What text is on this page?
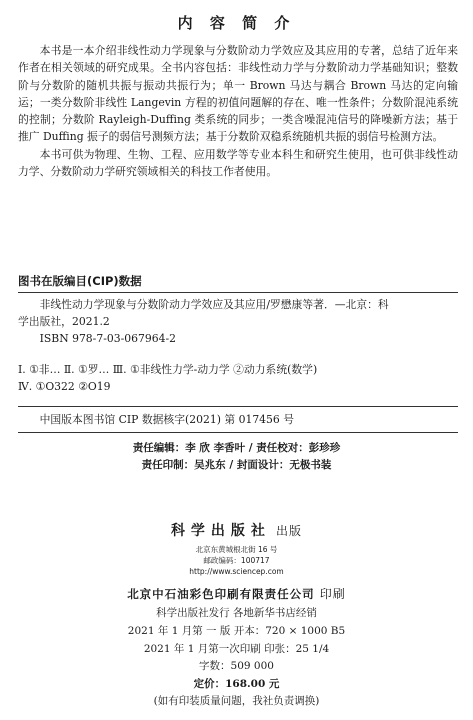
内 容 简 介

本书是一本介绍非线性动力学现象与分数阶动力学效应及其应用的专著，总结了近年来作者在相关领域的研究成果。全书内容包括：非线性动力学与分数阶动力学基础知识；整数阶与分数阶的随机共振与振动共振行为；单一 Brown 马达与耦合 Brown 马达的定向输运；一类分数阶非线性 Langevin 方程的初值问题解的存在、唯一性条件；分数阶混沌系统的控制；分数阶 Rayleigh-Duffing 类系统的同步；一类含噪混沌信号的降噪新方法；基于推广 Duffing 振子的弱信号测频方法；基于分数阶双稳系统随机共振的弱信号检测方法。

本书可供为物理、生物、工程、应用数学等专业本科生和研究生使用，也可供非线性动力学、分数阶动力学研究领域相关的科技工作者使用。

图书在版编目(CIP)数据
非线性动力学现象与分数阶动力学效应及其应用/罗懋康等著．—北京：科
学出版社，2021.2
ISBN 978-7-03-067964-2
Ⅰ. ①非… Ⅱ. ①罗… Ⅲ. ①非线性力学-动力学 ②动力系统(数学)
Ⅳ. ①O322 ②O19
中国版本图书馆 CIP 数据核字(2021) 第 017456 号
责任编辑：李 欣 李香叶 / 责任校对：彭珍珍
责任印制：吴兆东 / 封面设计：无极书装
科学出版社 出版
北京东黄城根北街 16 号
邮政编码：100717
http://www.sciencep.com
北京中石油彩色印刷有限责任公司 印刷
科学出版社发行 各地新华书店经销
2021 年 1 月第 一 版 开本：720 × 1000 B5
2021 年 1 月第一次印刷 印张：25 1/4
字数：509 000
定价：168.00 元
(如有印装质量问题，我社负责调换)
